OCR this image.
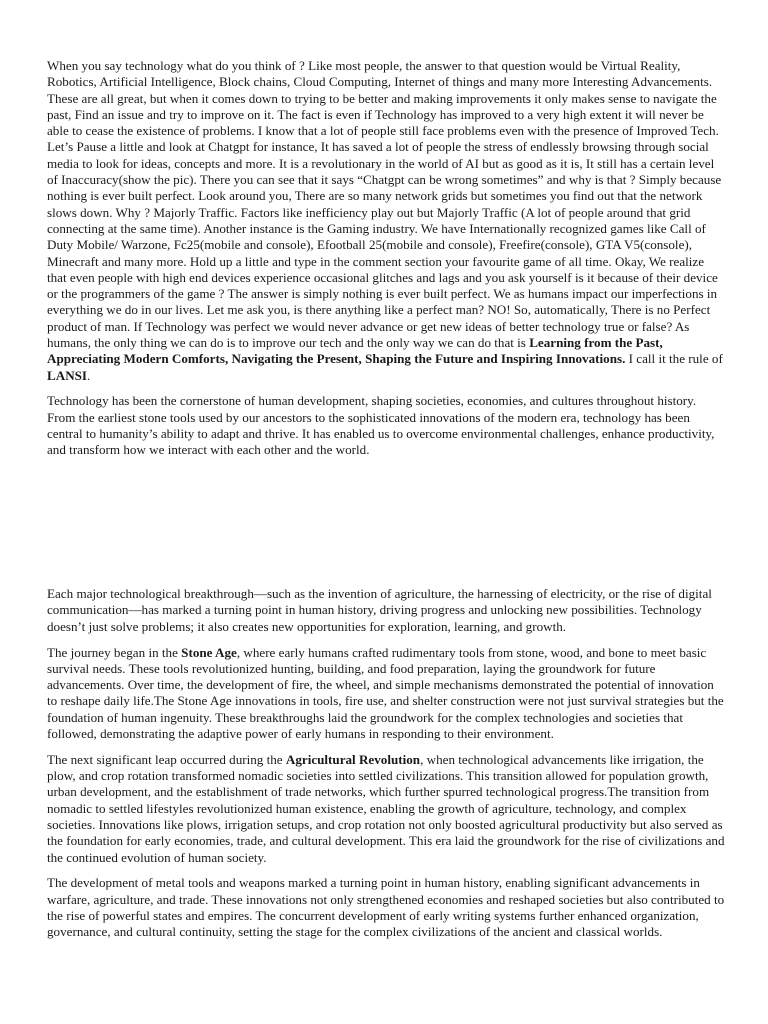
When you say technology what do you think of ? Like most people, the answer to that question would be Virtual Reality, Robotics, Artificial Intelligence, Block chains, Cloud Computing, Internet of things and many more Interesting Advancements. These are all great, but when it comes down to trying to be better and making improvements it only makes sense to navigate the past, Find an issue and try to improve on it. The fact is even if Technology has improved to a very high extent it will never be able to cease the existence of problems. I know that a lot of people still face problems even with the presence of Improved Tech. Let’s Pause a little and look at Chatgpt for instance, It has saved a lot of people the stress of endlessly browsing through social media to look for ideas, concepts and more. It is a revolutionary in the world of AI but as good as it is, It still has a certain level of Inaccuracy(show the pic). There you can see that it says “Chatgpt can be wrong sometimes” and why is that ? Simply because nothing is ever built perfect. Look around you, There are so many network grids but sometimes you find out that the network slows down. Why ? Majorly Traffic. Factors like inefficiency play out but Majorly Traffic (A lot of people around that grid connecting at the same time). Another instance is the Gaming industry. We have Internationally recognized games like Call of Duty Mobile/ Warzone, Fc25(mobile and console), Efootball 25(mobile and console), Freefire(console), GTA V5(console), Minecraft and many more. Hold up a little and type in the comment section your favourite game of all time. Okay, We realize that even people with high end devices experience occasional glitches and lags and you ask yourself is it because of their device or the programmers of the game ? The answer is simply nothing is ever built perfect. We as humans impact our imperfections in everything we do in our lives. Let me ask you, is there anything like a perfect man? NO! So, automatically, There is no Perfect product of man. If Technology was perfect we would never advance or get new ideas of better technology true or false? As humans, the only thing we can do is to improve our tech and the only way we can do that is Learning from the Past, Appreciating Modern Comforts, Navigating the Present, Shaping the Future and Inspiring Innovations. I call it the rule of LANSI.

Technology has been the cornerstone of human development, shaping societies, economies, and cultures throughout history. From the earliest stone tools used by our ancestors to the sophisticated innovations of the modern era, technology has been central to humanity’s ability to adapt and thrive. It has enabled us to overcome environmental challenges, enhance productivity, and transform how we interact with each other and the world.

Each major technological breakthrough—such as the invention of agriculture, the harnessing of electricity, or the rise of digital communication—has marked a turning point in human history, driving progress and unlocking new possibilities. Technology doesn’t just solve problems; it also creates new opportunities for exploration, learning, and growth.

The journey began in the Stone Age, where early humans crafted rudimentary tools from stone, wood, and bone to meet basic survival needs. These tools revolutionized hunting, building, and food preparation, laying the groundwork for future advancements. Over time, the development of fire, the wheel, and simple mechanisms demonstrated the potential of innovation to reshape daily life.The Stone Age innovations in tools, fire use, and shelter construction were not just survival strategies but the foundation of human ingenuity. These breakthroughs laid the groundwork for the complex technologies and societies that followed, demonstrating the adaptive power of early humans in responding to their environment.

The next significant leap occurred during the Agricultural Revolution, when technological advancements like irrigation, the plow, and crop rotation transformed nomadic societies into settled civilizations. This transition allowed for population growth, urban development, and the establishment of trade networks, which further spurred technological progress.The transition from nomadic to settled lifestyles revolutionized human existence, enabling the growth of agriculture, technology, and complex societies. Innovations like plows, irrigation setups, and crop rotation not only boosted agricultural productivity but also served as the foundation for early economies, trade, and cultural development. This era laid the groundwork for the rise of civilizations and the continued evolution of human society.

The development of metal tools and weapons marked a turning point in human history, enabling significant advancements in warfare, agriculture, and trade. These innovations not only strengthened economies and reshaped societies but also contributed to the rise of powerful states and empires. The concurrent development of early writing systems further enhanced organization, governance, and cultural continuity, setting the stage for the complex civilizations of the ancient and classical worlds.
